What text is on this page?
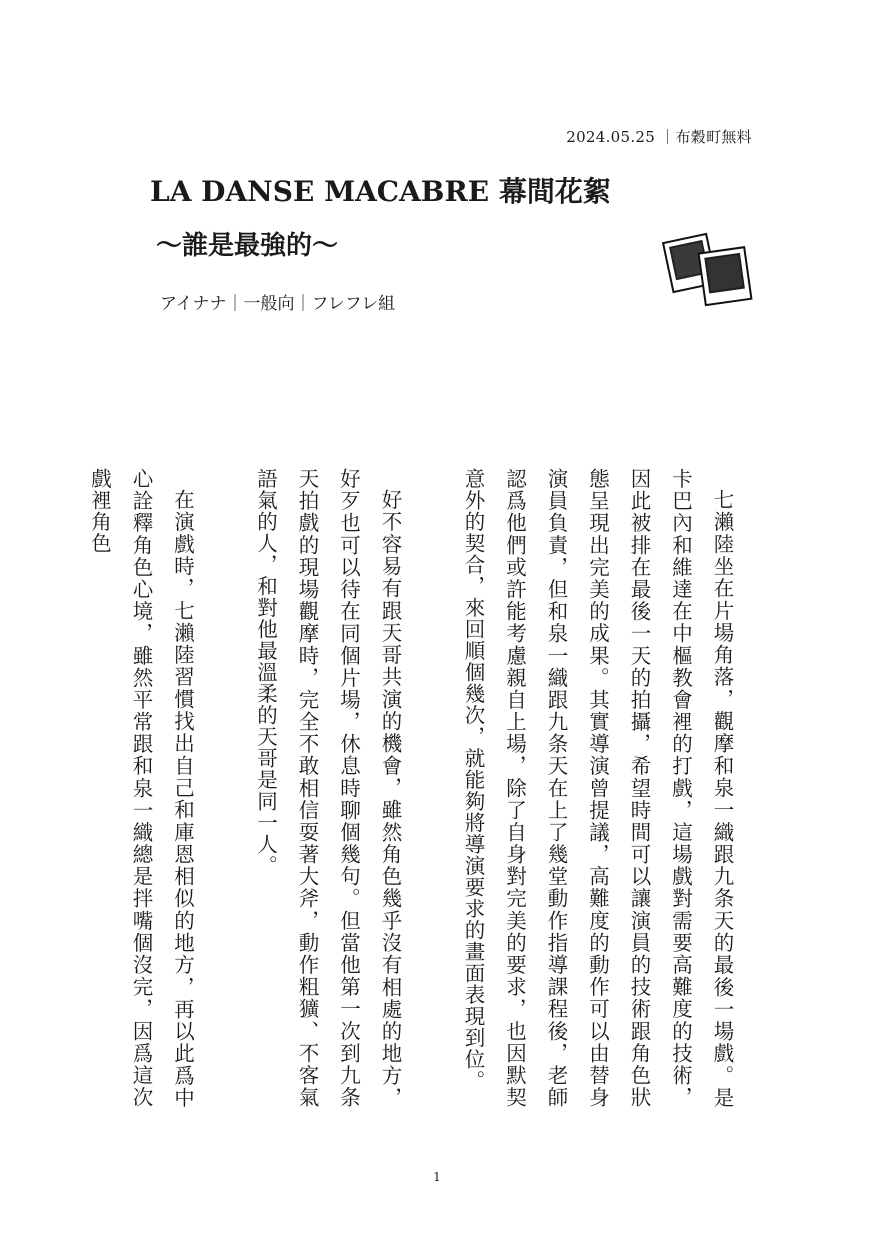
2024.05.25 ｜布穀町無料
LA DANSE MACABRE 幕間花絮
～誰是最強的～
アイナナ｜一般向｜フレフレ組

七瀨陸坐在片場角落，觀摩和泉一織跟九条天的最後一場戲。是卡巴內和維達在中樞教會裡的打戲，這場戲對需要高難度的技術，因此被排在最後一天的拍攝，希望時間可以讓演員的技術跟角色狀態呈現出完美的成果。其實導演曾提議，高難度的動作可以由替身演員負責，但和泉一織跟九条天在上了幾堂動作指導課程後，老師認爲他們或許能考慮親自上場，除了自身對完美的要求，也因默契意外的契合，來回順個幾次，就能夠將導演要求的畫面表現到位。

好不容易有跟天哥共演的機會，雖然角色幾乎沒有相處的地方，好歹也可以待在同個片場，休息時聊個幾句。但當他第一次到九条天拍戲的現場觀摩時，完全不敢相信耍著大斧，動作粗獷、不客氣語氣的人，和對他最溫柔的天哥是同一人。

在演戲時，七瀨陸習慣找出自己和庫恩相似的地方，再以此爲中心詮釋角色心境，雖然平常跟和泉一織總是拌嘴個沒完，因爲這次戲裡角色

1
